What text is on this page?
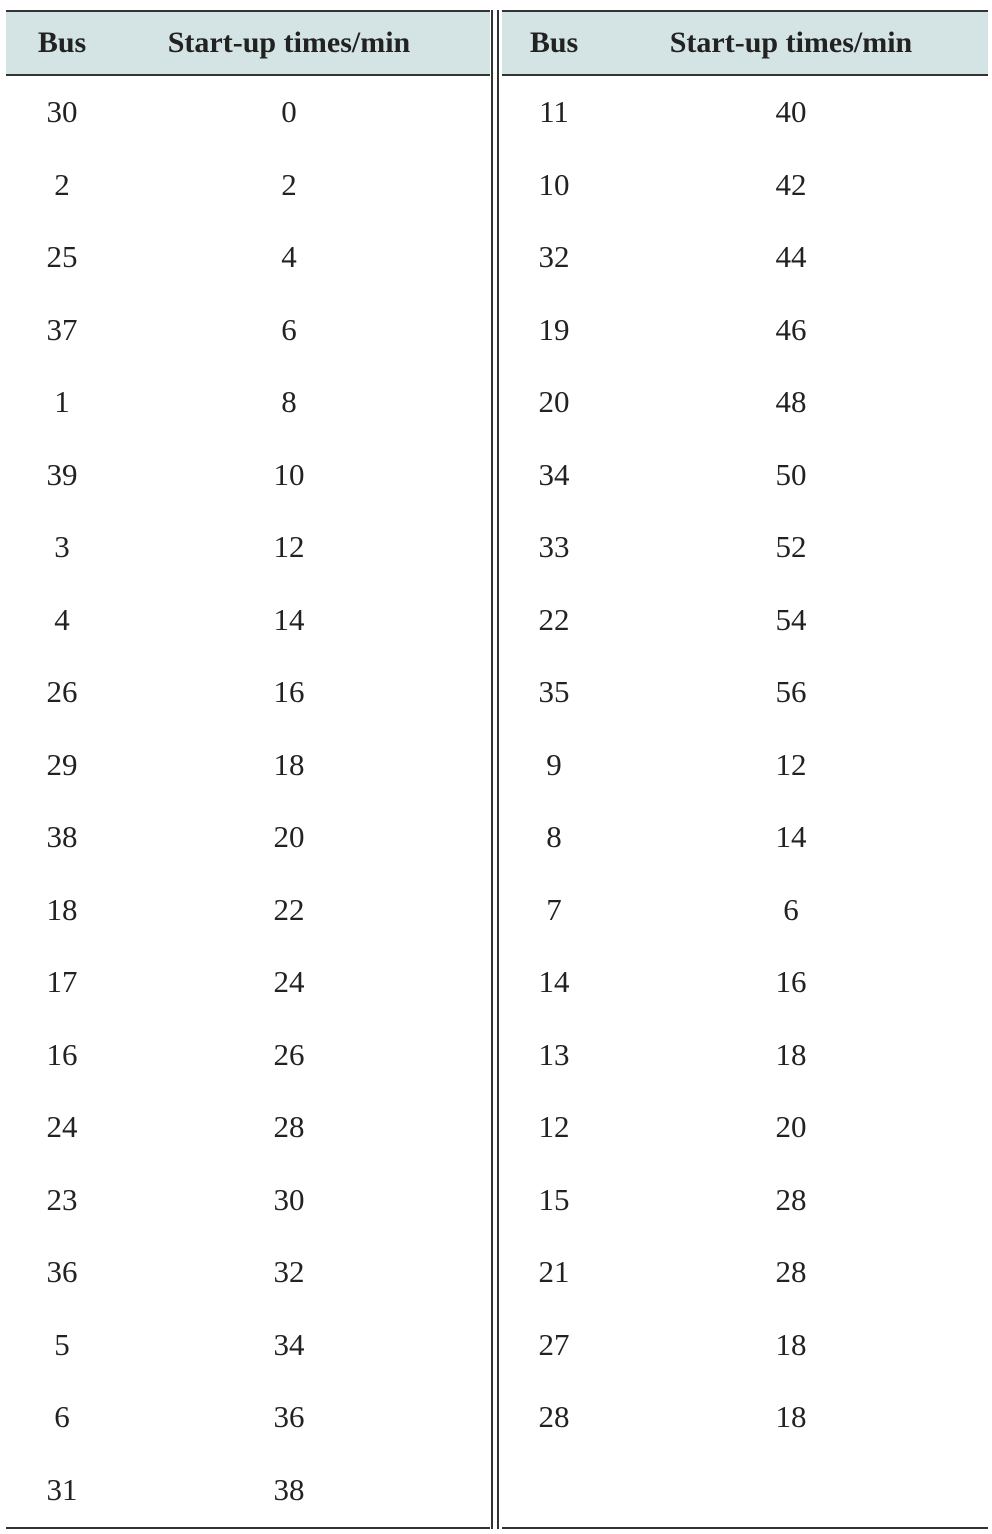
Bus	Start-up times/min
30	0
2	2
25	4
37	6
1	8
39	10
3	12
4	14
26	16
29	18
38	20
18	22
17	24
16	26
24	28
23	30
36	32
5	34
6	36
31	38
Bus	Start-up times/min
11	40
10	42
32	44
19	46
20	48
34	50
33	52
22	54
35	56
9	12
8	14
7	6
14	16
13	18
12	20
15	28
21	28
27	18
28	18
